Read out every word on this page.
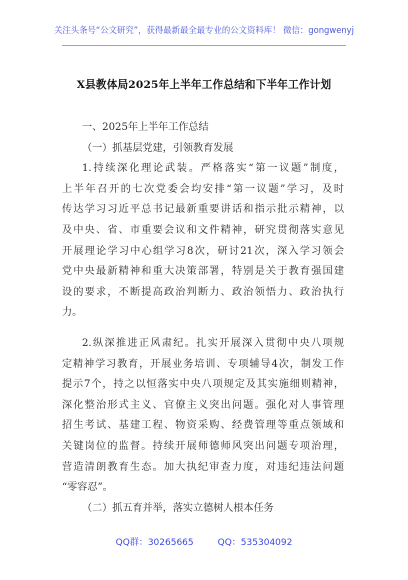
关注头条号“公文研究”，获得最新最全最专业的公文资料库！ 微信：gongwenyj
X县教体局2025年上半年工作总结和下半年工作计划
一、2025年上半年工作总结
（一）抓基层党建，引领教育发展
1.持续深化理论武装。严格落实“第一议题”制度，
上半年召开的七次党委会均安排“第一议题”学习，及时
传达学习习近平总书记最新重要讲话和指示批示精神，以
及中央、省、市重要会议和文件精神，研究贯彻落实意见
开展理论学习中心组学习8次，研讨21次，深入学习领会
党中央最新精神和重大决策部署，特别是关于教育强国建
设的要求，不断提高政治判断力、政治领悟力、政治执行
力。
2.纵深推进正风肃纪。扎实开展深入贯彻中央八项规
定精神学习教育，开展业务培训、专项辅导4次，制发工作
提示7个，持之以恒落实中央八项规定及其实施细则精神，
深化整治形式主义、官僚主义突出问题。强化对人事管理
招生考试、基建工程、物资采购、经费管理等重点领域和
关键岗位的监督。持续开展师德师风突出问题专项治理，
营造清朗教育生态。加大执纪审查力度，对违纪违法问题
“零容忍”。
（二）抓五育并举，落实立德树人根本任务
QQ群：30265665	QQ：535304092
